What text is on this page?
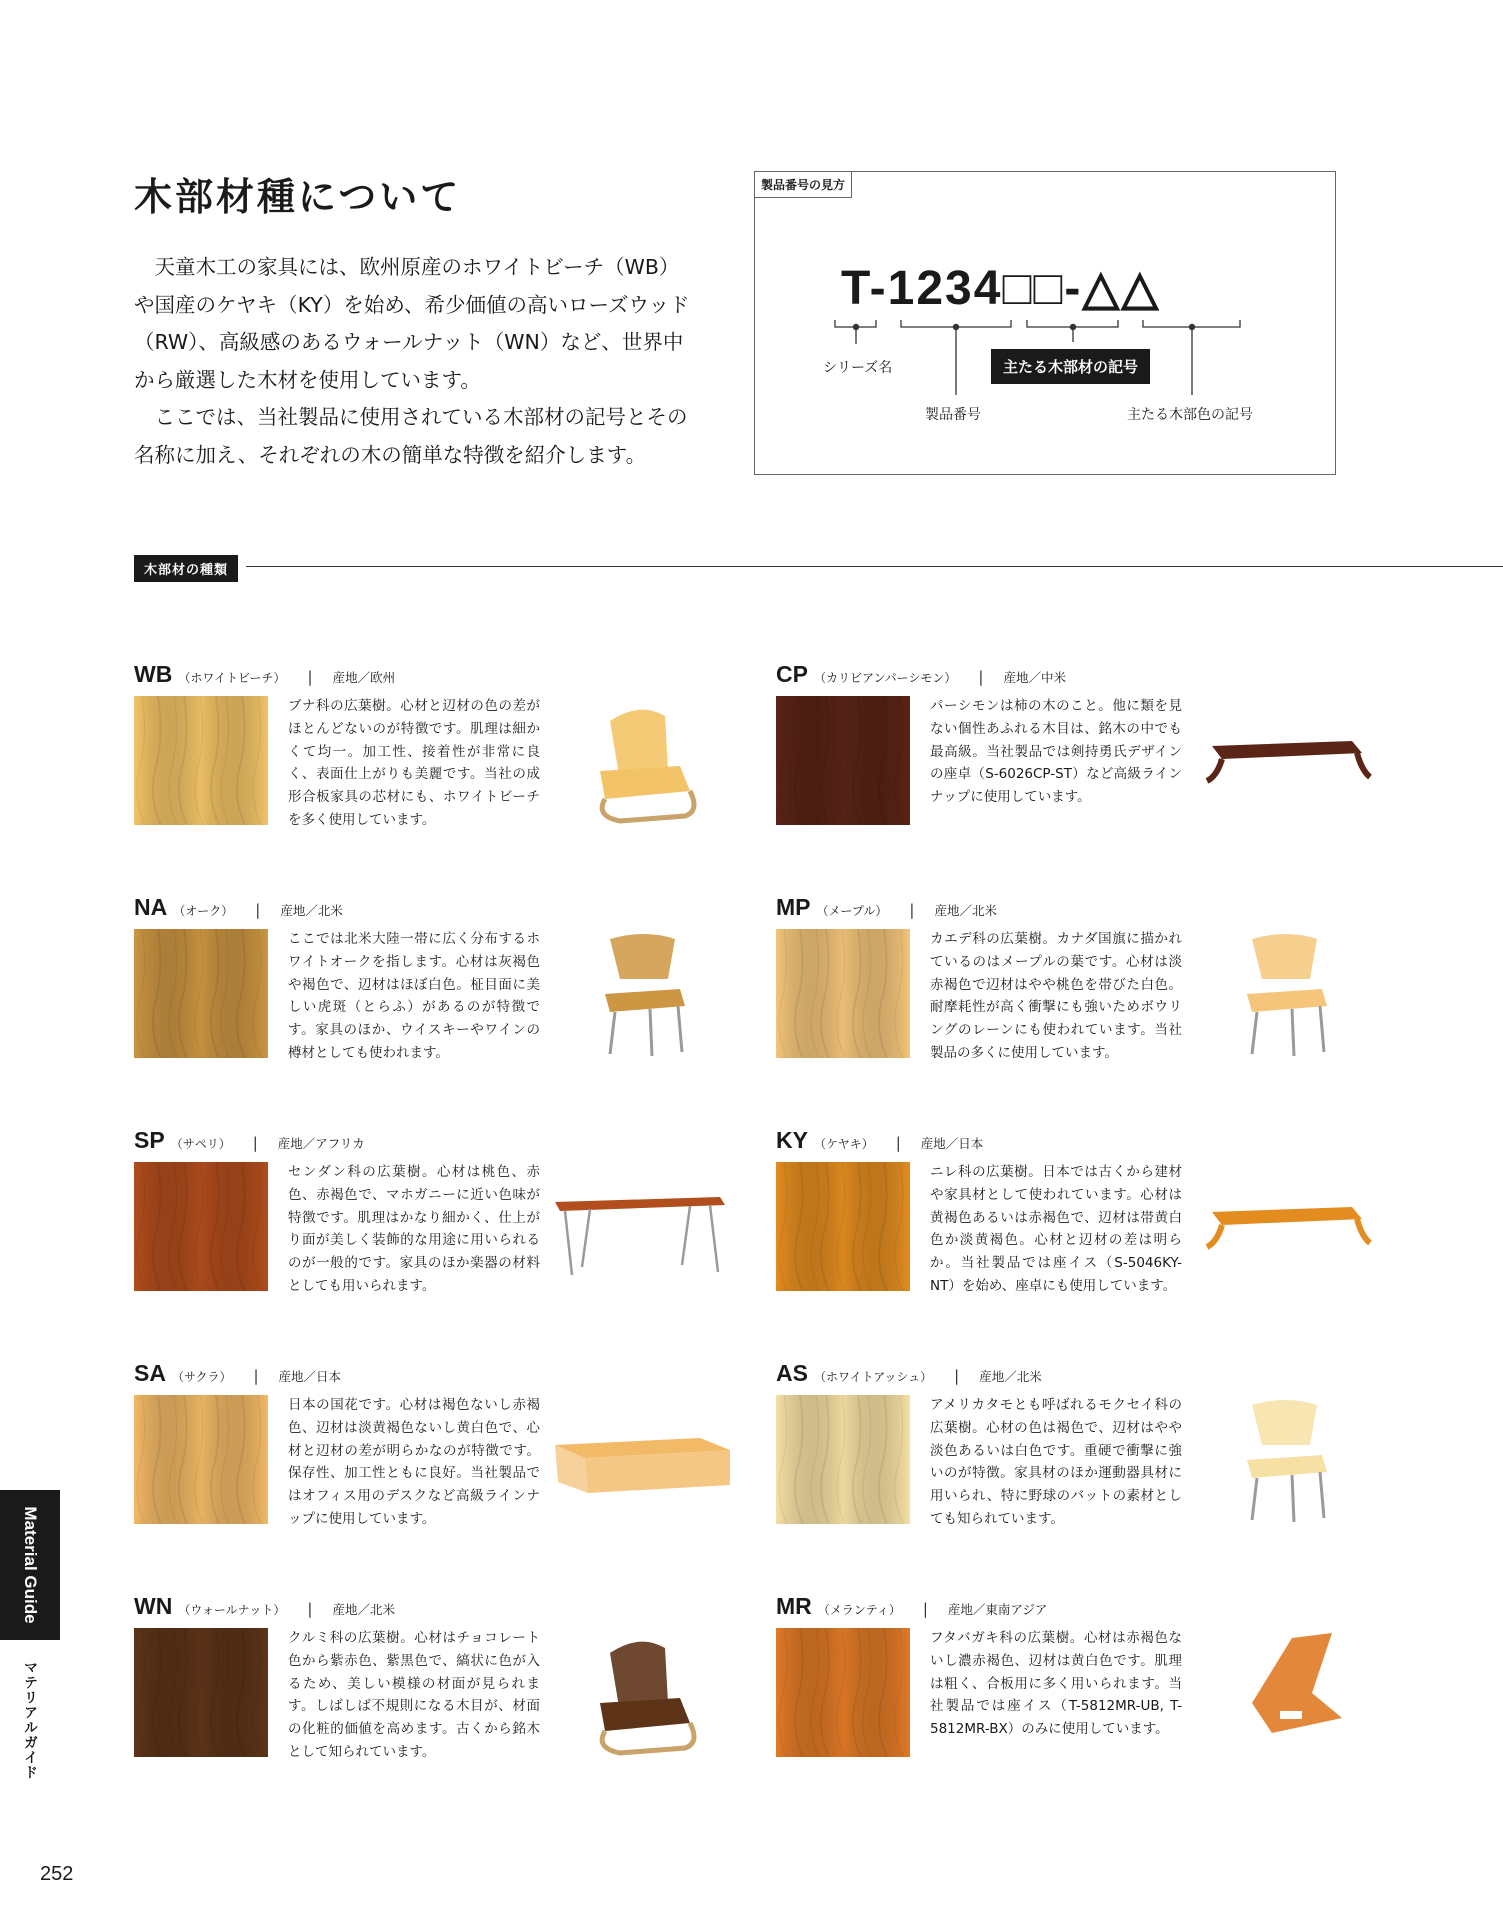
木部材種について

天童木工の家具には、欧州原産のホワイトビーチ（WB）や国産のケヤキ（KY）を始め、希少価値の高いローズウッド（RW）、高級感のあるウォールナット（WN）など、世界中から厳選した木材を使用しています。

ここでは、当社製品に使用されている木部材の記号とその名称に加え、それぞれの木の簡単な特徴を紹介します。

製品番号の見方
T-1234□□-△△
シリーズ名	主たる木部材の記号
製品番号	主たる木部色の記号
木部材の種類
WB （ホワイトビーチ） | 産地／欧州

ブナ科の広葉樹。心材と辺材の色の差がほとんどないのが特徴です。肌理は細かくて均一。加工性、接着性が非常に良く、表面仕上がりも美麗です。当社の成形合板家具の芯材にも、ホワイトビーチを多く使用しています。

CP （カリビアンパーシモン） | 産地／中米

パーシモンは柿の木のこと。他に類を見ない個性あふれる木目は、銘木の中でも最高級。当社製品では剣持勇氏デザインの座卓（S-6026CP-ST）など高級ラインナップに使用しています。

NA （オーク） | 産地／北米

ここでは北米大陸一帯に広く分布するホワイトオークを指します。心材は灰褐色や褐色で、辺材はほぼ白色。柾目面に美しい虎斑（とらふ）があるのが特徴です。家具のほか、ウイスキーやワインの樽材としても使われます。

MP （メープル） | 産地／北米

カエデ科の広葉樹。カナダ国旗に描かれているのはメープルの葉です。心材は淡赤褐色で辺材はやや桃色を帯びた白色。耐摩耗性が高く衝撃にも強いためボウリングのレーンにも使われています。当社製品の多くに使用しています。

SP （サペリ） | 産地／アフリカ

センダン科の広葉樹。心材は桃色、赤色、赤褐色で、マホガニーに近い色味が特徴です。肌理はかなり細かく、仕上がり面が美しく装飾的な用途に用いられるのが一般的です。家具のほか楽器の材料としても用いられます。

KY （ケヤキ） | 産地／日本

ニレ科の広葉樹。日本では古くから建材や家具材として使われています。心材は黄褐色あるいは赤褐色で、辺材は帯黄白色か淡黄褐色。心材と辺材の差は明らか。当社製品では座イス（S-5046KY-NT）を始め、座卓にも使用しています。

SA （サクラ） | 産地／日本

日本の国花です。心材は褐色ないし赤褐色、辺材は淡黄褐色ないし黄白色で、心材と辺材の差が明らかなのが特徴です。保存性、加工性ともに良好。当社製品ではオフィス用のデスクなど高級ラインナップに使用しています。

AS （ホワイトアッシュ） | 産地／北米

アメリカタモとも呼ばれるモクセイ科の広葉樹。心材の色は褐色で、辺材はやや淡色あるいは白色です。重硬で衝撃に強いのが特徴。家具材のほか運動器具材に用いられ、特に野球のバットの素材としても知られています。

WN （ウォールナット） | 産地／北米

クルミ科の広葉樹。心材はチョコレート色から紫赤色、紫黒色で、縞状に色が入るため、美しい模様の材面が見られます。しばしば不規則になる木目が、材面の化粧的価値を高めます。古くから銘木として知られています。

MR （メランティ） | 産地／東南アジア

フタバガキ科の広葉樹。心材は赤褐色ないし濃赤褐色、辺材は黄白色です。肌理は粗く、合板用に多く用いられます。当社製品では座イス（T-5812MR-UB, T-5812MR-BX）のみに使用しています。

Material Guide
マテリアルガイド
252
